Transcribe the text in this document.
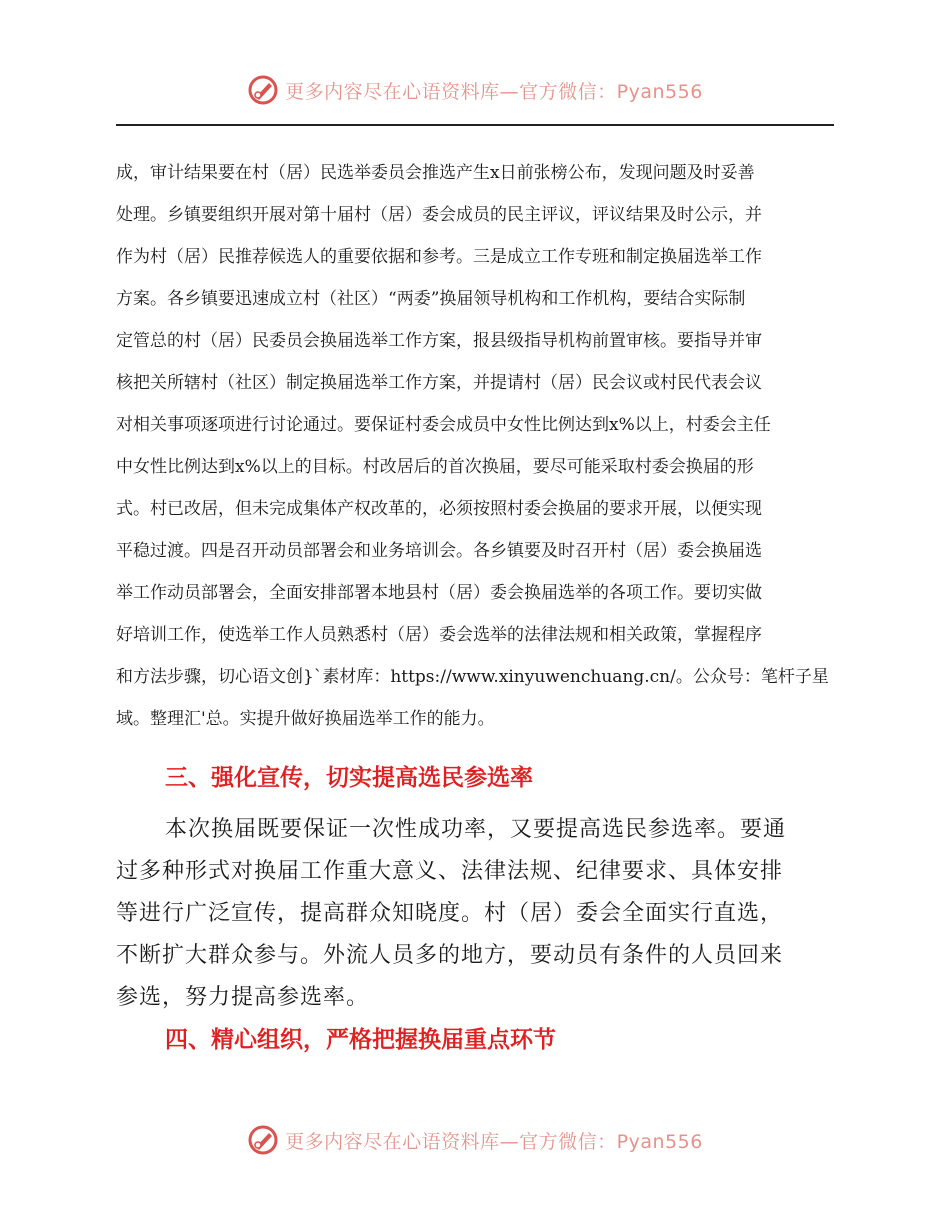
更多内容尽在心语资料库—官方微信：Pyan556
成，审计结果要在村（居）民选举委员会推选产生x日前张榜公布，发现问题及时妥善
处理。乡镇要组织开展对第十届村（居）委会成员的民主评议，评议结果及时公示，并
作为村（居）民推荐候选人的重要依据和参考。三是成立工作专班和制定换届选举工作
方案。各乡镇要迅速成立村（社区）“两委”换届领导机构和工作机构，要结合实际制
定管总的村（居）民委员会换届选举工作方案，报县级指导机构前置审核。要指导并审
核把关所辖村（社区）制定换届选举工作方案，并提请村（居）民会议或村民代表会议
对相关事项逐项进行讨论通过。要保证村委会成员中女性比例达到x%以上，村委会主任
中女性比例达到x%以上的目标。村改居后的首次换届，要尽可能采取村委会换届的形
式。村已改居，但未完成集体产权改革的，必须按照村委会换届的要求开展，以便实现
平稳过渡。四是召开动员部署会和业务培训会。各乡镇要及时召开村（居）委会换届选
举工作动员部署会，全面安排部署本地县村（居）委会换届选举的各项工作。要切实做
好培训工作，使选举工作人员熟悉村（居）委会选举的法律法规和相关政策，掌握程序
和方法步骤，切心语文创}`素材库：https://www.xinyuwenchuang.cn/。公众号：笔杆子星
域。整理汇'总。实提升做好换届选举工作的能力。
三、强化宣传，切实提高选民参选率
本次换届既要保证一次性成功率，又要提高选民参选率。要通
过多种形式对换届工作重大意义、法律法规、纪律要求、具体安排
等进行广泛宣传，提高群众知晓度。村（居）委会全面实行直选，
不断扩大群众参与。外流人员多的地方，要动员有条件的人员回来
参选，努力提高参选率。
四、精心组织，严格把握换届重点环节
更多内容尽在心语资料库—官方微信：Pyan556
